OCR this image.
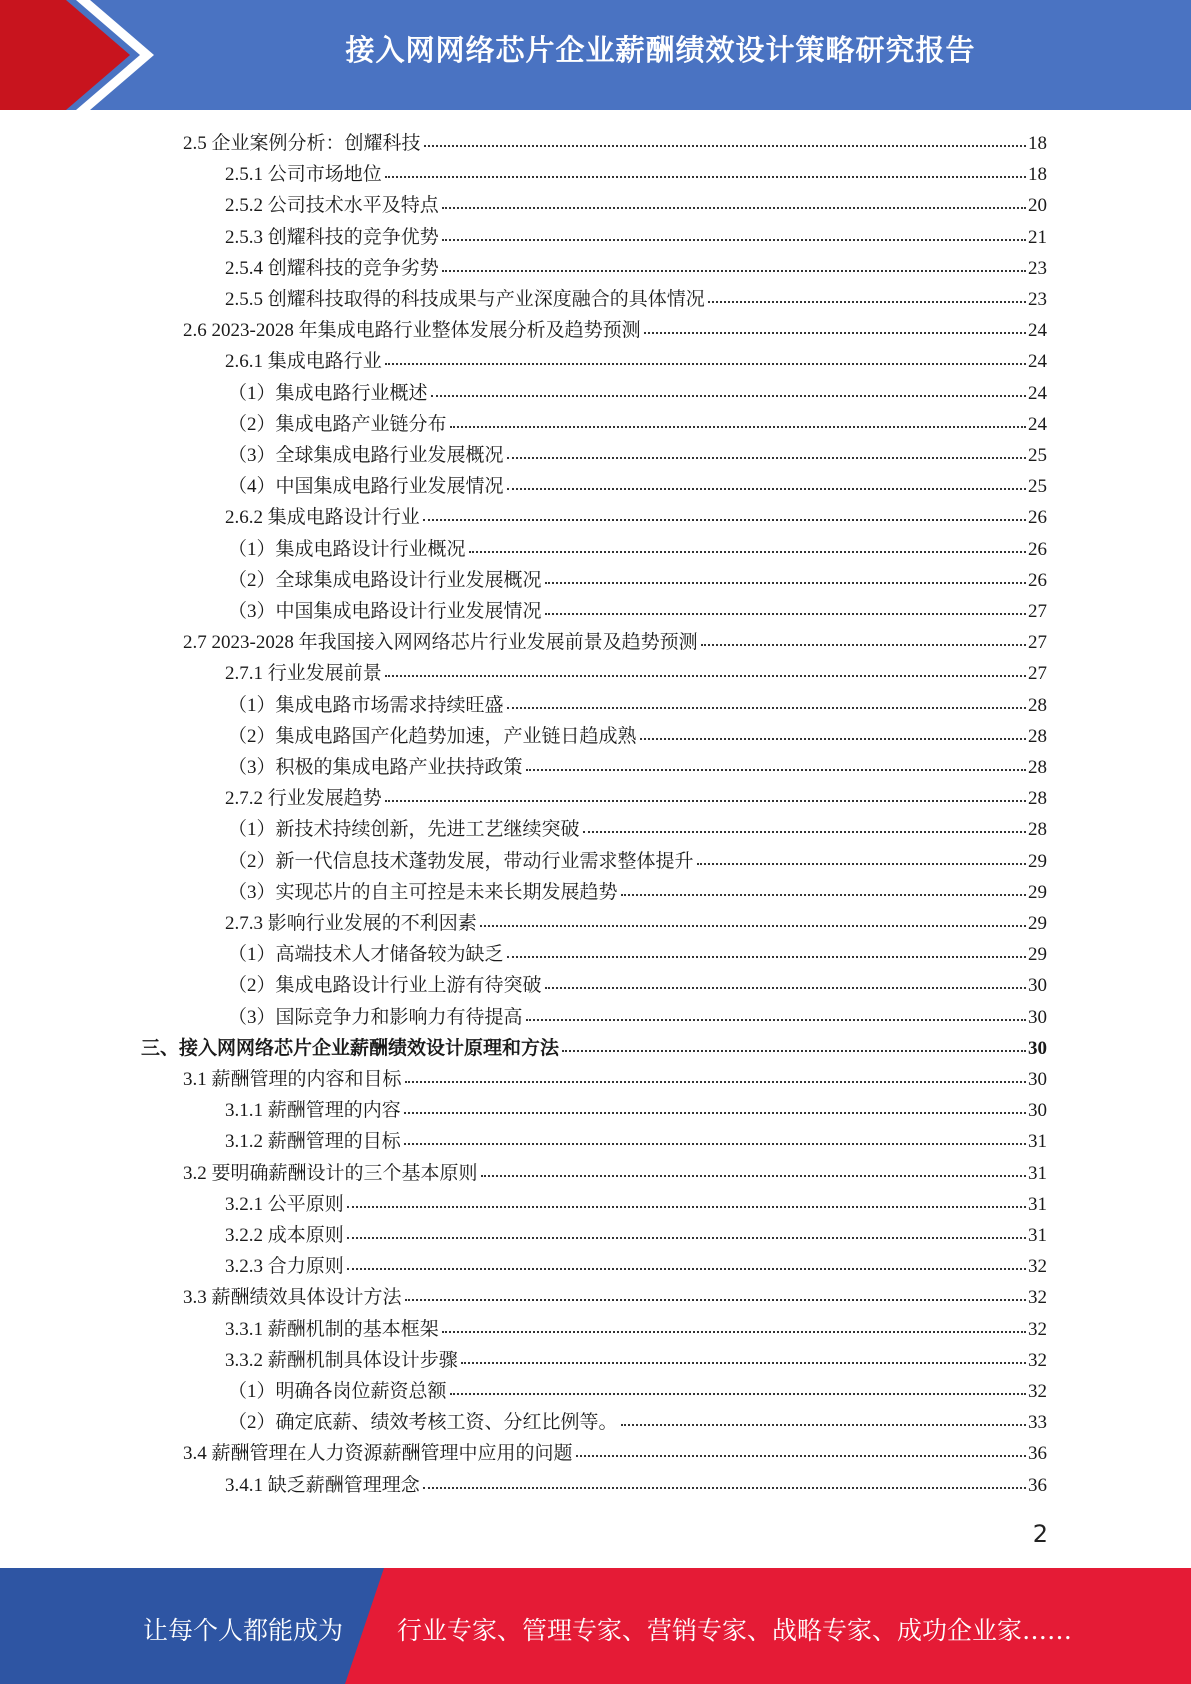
接入网网络芯片企业薪酬绩效设计策略研究报告
2.5 企业案例分析：创耀科技	18
2.5.1 公司市场地位	18
2.5.2 公司技术水平及特点	20
2.5.3 创耀科技的竞争优势	21
2.5.4 创耀科技的竞争劣势	23
2.5.5 创耀科技取得的科技成果与产业深度融合的具体情况	23
2.6 2023-2028 年集成电路行业整体发展分析及趋势预测	24
2.6.1 集成电路行业	24
（1）集成电路行业概述	24
（2）集成电路产业链分布	24
（3）全球集成电路行业发展概况	25
（4）中国集成电路行业发展情况	25
2.6.2 集成电路设计行业	26
（1）集成电路设计行业概况	26
（2）全球集成电路设计行业发展概况	26
（3）中国集成电路设计行业发展情况	27
2.7 2023-2028 年我国接入网网络芯片行业发展前景及趋势预测	27
2.7.1 行业发展前景	27
（1）集成电路市场需求持续旺盛	28
（2）集成电路国产化趋势加速，产业链日趋成熟	28
（3）积极的集成电路产业扶持政策	28
2.7.2 行业发展趋势	28
（1）新技术持续创新，先进工艺继续突破	28
（2）新一代信息技术蓬勃发展，带动行业需求整体提升	29
（3）实现芯片的自主可控是未来长期发展趋势	29
2.7.3 影响行业发展的不利因素	29
（1）高端技术人才储备较为缺乏	29
（2）集成电路设计行业上游有待突破	30
（3）国际竞争力和影响力有待提高	30
三、接入网网络芯片企业薪酬绩效设计原理和方法	30
3.1 薪酬管理的内容和目标	30
3.1.1 薪酬管理的内容	30
3.1.2 薪酬管理的目标	31
3.2 要明确薪酬设计的三个基本原则	31
3.2.1 公平原则	31
3.2.2 成本原则	31
3.2.3 合力原则	32
3.3 薪酬绩效具体设计方法	32
3.3.1 薪酬机制的基本框架	32
3.3.2 薪酬机制具体设计步骤	32
（1）明确各岗位薪资总额	32
（2）确定底薪、绩效考核工资、分红比例等。	33
3.4 薪酬管理在人力资源薪酬管理中应用的问题	36
3.4.1 缺乏薪酬管理理念	36
2
让每个人都能成为 行业专家、管理专家、营销专家、战略专家、成功企业家……
